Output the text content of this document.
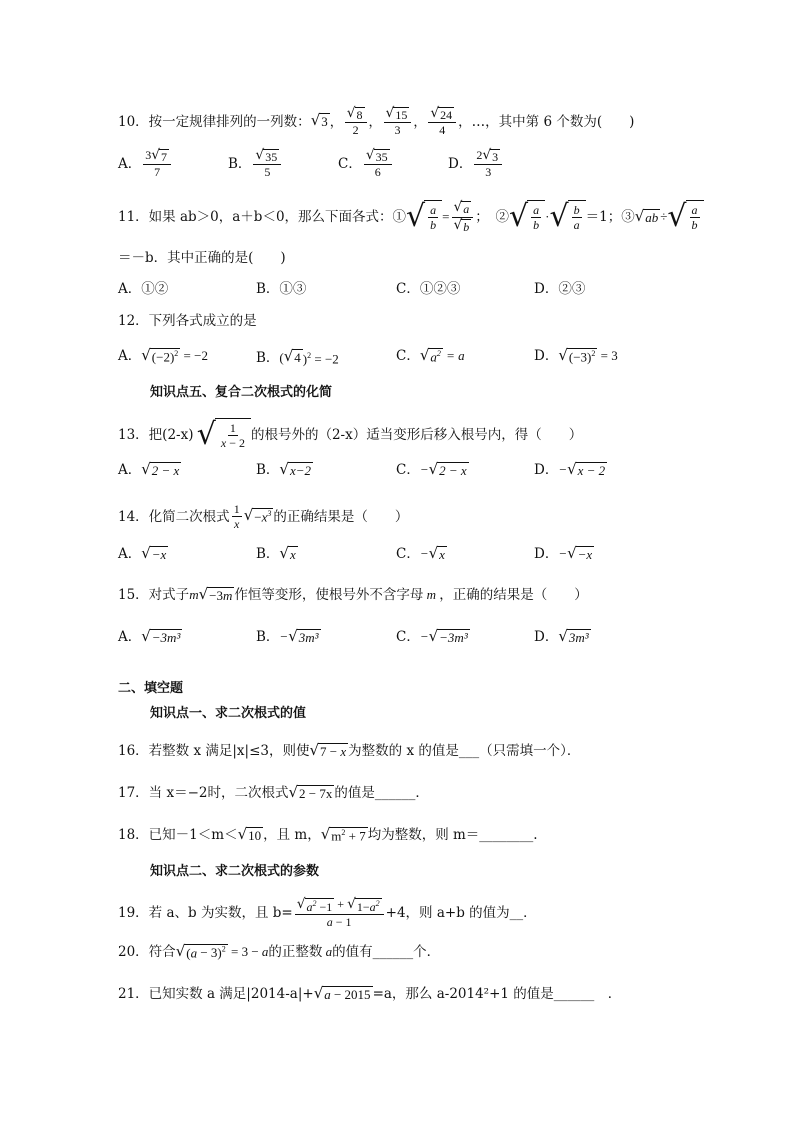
10．按一定规律排列的一列数： √ 3 ， $\frac{√ 8}{2}$ ， $\frac{√ 15}{3}$ ， $\frac{√ 24}{4}$ ，…，其中第 6 个数为(　　)
A． $\frac{3 √ 7}{7}$	B． $\frac{√ 35}{5}$	C． $\frac{√ 35}{6}$	D． $\frac{2 √ 3}{3}$
11．如果 ab＞0，a＋b＜0，那么下面各式：① √ $\frac{a}{b} = \frac{√ a}{√ b}$ ；　② √ $\frac{a}{b}$ · √ $\frac{b}{a} =1$；③ √ ab ÷ √ $\frac{a}{b}$
＝－b．其中正确的是(　　)
A．①②	B．①③	C．①②③	D．②③
12．下列各式成立的是
A． √ $(-2)^2 = -2$	B． ( √ 4 )$^2$ = −2	C． √ $a^2 = a$	D． √ $(-3)^2 = 3$
知识点五、复合二次根式的化简
13．把(2-x)
√ $\frac{1}{x - 2}$ 的根号外的（2-x）适当变形后移入根号内，得（　　）
A． √ 2 − x	B． √ x−2	C． − √ 2 − x	D． − √ x − 2
14．化简二次根式 $\frac{1}{x}$ √ $-x^3$ 的正确结果是（　　）
A． √ −x	B． √ x	C． − √ x	D． − √ −x
15．对式子 m √ −3m 作恒等变形，使根号外不含字母 m ，正确的结果是（　　）
A． √ −3m³	B． − √ 3m³	C． − √ −3m³	D． √ 3m³
二、填空题
知识点一、求二次根式的值
16．若整数 x 满足|x|≤3，则使 √ 7 − x 为整数的 x 的值是___（只需填一个）．
17．当 x＝−2时，二次根式 √ 2 − 7x 的值是______．
18．已知－1＜m＜ √ 10 ，且 m， √ $m^2 + 7$ 均为整数，则 m＝________.
知识点二、求二次根式的参数
19．若 a、b 为实数，且 $b= \frac{√ a^2 -1 + √ 1-a^2}{a - 1} +4$，则 a+b 的值为__．
20．符合 √ $(a - 3)^2 = 3 - a$ 的正整数 a 的值有______个．
21．已知实数 a 满足|2014-a|+ √ a − 2015 =a，那么 a-2014²+1 的值是______　．
